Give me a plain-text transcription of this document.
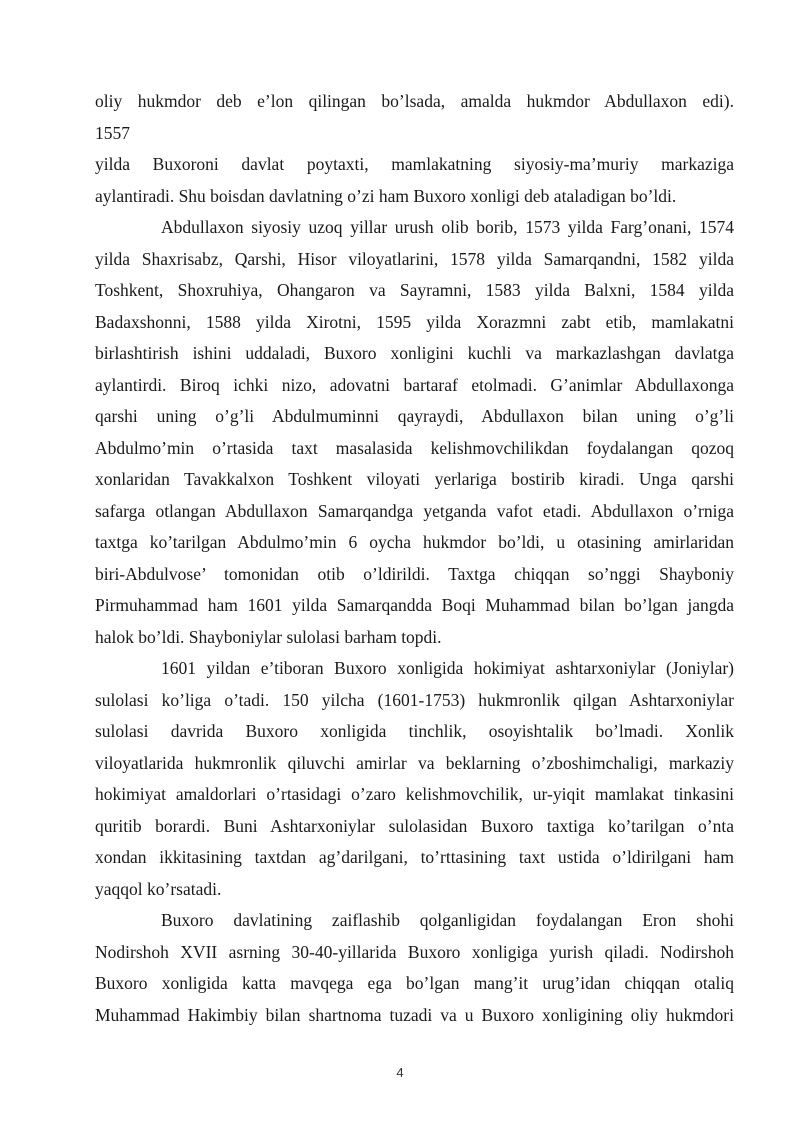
oliy hukmdor deb e’lon qilingan bo’lsada, amalda hukmdor Abdullaxon edi).
1557

yilda Buxoroni davlat poytaxti, mamlakatning siyosiy-ma’muriy markaziga
aylantiradi. Shu boisdan davlatning o’zi ham Buxoro xonligi deb ataladigan bo’ldi.

Abdullaxon siyosiy uzoq yillar urush olib borib, 1573 yilda Farg’onani, 1574
yilda Shaxrisabz, Qarshi, Hisor viloyatlarini, 1578 yilda Samarqandni, 1582 yilda
Toshkent, Shoxruhiya, Ohangaron va Sayramni, 1583 yilda Balxni, 1584 yilda
Badaxshonni, 1588 yilda Xirotni, 1595 yilda Xorazmni zabt etib, mamlakatni
birlashtirish ishini uddaladi, Buxoro xonligini kuchli va markazlashgan davlatga
aylantirdi. Biroq ichki nizo, adovatni bartaraf etolmadi. G’animlar Abdullaxonga
qarshi uning o’g’li Abdulmuminni qayraydi, Abdullaxon bilan uning o’g’li
Abdulmo’min o’rtasida taxt masalasida kelishmovchilikdan foydalangan qozoq
xonlaridan Tavakkalxon Toshkent viloyati yerlariga bostirib kiradi. Unga qarshi
safarga otlangan Abdullaxon Samarqandga yetganda vafot etadi. Abdullaxon o’rniga
taxtga ko’tarilgan Abdulmo’min 6 oycha hukmdor bo’ldi, u otasining amirlaridan
biri-Abdulvose’ tomonidan otib o’ldirildi. Taxtga chiqqan so’nggi Shayboniy
Pirmuhammad ham 1601 yilda Samarqandda Boqi Muhammad bilan bo’lgan jangda
halok bo’ldi. Shayboniylar sulolasi barham topdi.

1601 yildan e’tiboran Buxoro xonligida hokimiyat ashtarxoniylar (Joniylar)
sulolasi ko’liga o’tadi. 150 yilcha (1601-1753) hukmronlik qilgan Ashtarxoniylar
sulolasi davrida Buxoro xonligida tinchlik, osoyishtalik bo’lmadi. Xonlik
viloyatlarida hukmronlik qiluvchi amirlar va beklarning o’zboshimchaligi, markaziy
hokimiyat amaldorlari o’rtasidagi o’zaro kelishmovchilik, ur-yiqit mamlakat tinkasini
quritib borardi. Buni Ashtarxoniylar sulolasidan Buxoro taxtiga ko’tarilgan o’nta
xondan ikkitasining taxtdan ag’darilgani, to’rttasining taxt ustida o’ldirilgani ham
yaqqol ko’rsatadi.

Buxoro davlatining zaiflashib qolganligidan foydalangan Eron shohi
Nodirshoh XVII asrning 30-40-yillarida Buxoro xonligiga yurish qiladi. Nodirshoh
Buxoro xonligida katta mavqega ega bo’lgan mang’it urug’idan chiqqan otaliq
Muhammad Hakimbiy bilan shartnoma tuzadi va u Buxoro xonligining oliy hukmdori

4
